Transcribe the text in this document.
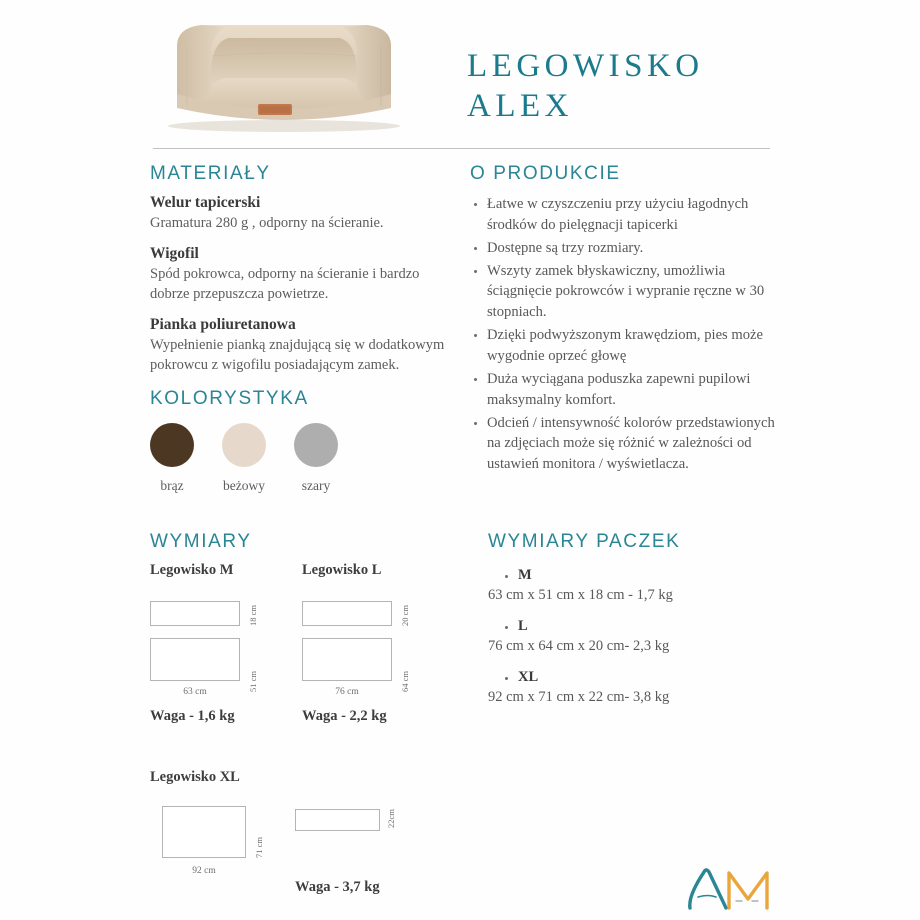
LEGOWISKO
ALEX
MATERIAŁY
Welur tapicerski

Gramatura 280 g , odporny na ścieranie.

Wigofil

Spód pokrowca, odporny na ścieranie i bardzo dobrze przepuszcza powietrze.

Pianka poliuretanowa

Wypełnienie pianką znajdującą się w dodatkowym pokrowcu z wigofilu posiadającym zamek.

KOLORYSTYKA
brąz	beżowy	szary
WYMIARY
Legowisko M
18 cm
51 cm
63 cm
Waga - 1,6 kg
Legowisko L
20 cm
64 cm
76 cm
Waga - 2,2 kg
Legowisko XL
92 cm
71 cm
22cm
Waga - 3,7 kg
O PRODUKCIE
Łatwe w czyszczeniu przy użyciu łagodnych środków do pielęgnacji tapicerki
Dostępne są trzy rozmiary.
Wszyty zamek błyskawiczny, umożliwia ściągnięcie pokrowców i wypranie ręczne w 30 stopniach.
Dzięki podwyższonym krawędziom, pies może wygodnie oprzeć głowę
Duża wyciągana poduszka zapewni pupilowi maksymalny komfort.
Odcień / intensywność kolorów przedstawionych na zdjęciach może się różnić w zależności od ustawień monitora / wyświetlacza.
WYMIARY PACZEK
M
63 cm x 51 cm x 18 cm - 1,7 kg
L
76 cm x 64 cm x 20 cm- 2,3 kg
XL
92 cm x 71 cm x 22 cm- 3,8 kg
